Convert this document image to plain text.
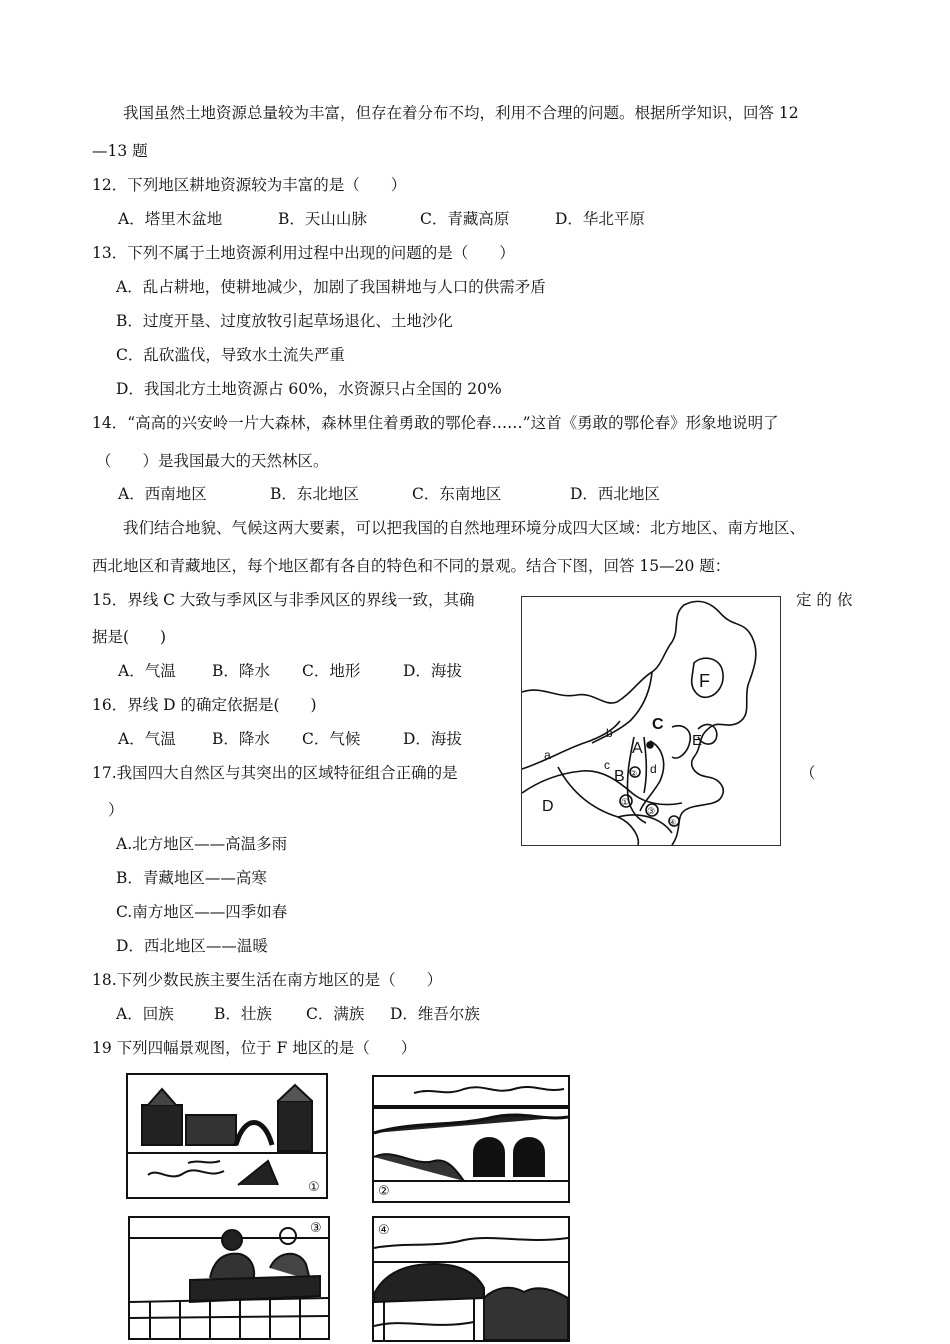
我国虽然土地资源总量较为丰富，但存在着分布不均，利用不合理的问题。根据所学知识，回答 12
—13 题
12．下列地区耕地资源较为丰富的是（　　）
A．塔里木盆地	B．天山山脉	C．青藏高原	D．华北平原
13．下列不属于土地资源利用过程中出现的问题的是（　　）
A．乱占耕地，使耕地减少，加剧了我国耕地与人口的供需矛盾
B．过度开垦、过度放牧引起草场退化、土地沙化
C．乱砍滥伐，导致水土流失严重
D．我国北方土地资源占 60%，水资源只占全国的 20%
14．“高高的兴安岭一片大森林，森林里住着勇敢的鄂伦春……”这首《勇敢的鄂伦春》形象地说明了
（　　）是我国最大的天然林区。
A．西南地区	B．东北地区	C．东南地区	D．西北地区
我们结合地貌、气候这两大要素，可以把我国的自然地理环境分成四大区域：北方地区、南方地区、
西北地区和青藏地区，每个地区都有各自的特色和不同的景观。结合下图，回答 15—20 题：
15．界线 C 大致与季风区与非季风区的界线一致，其确	定 的 依
据是(　　)
A．气温 B．降水 C．地形	D．海拔
16．界线 D 的确定依据是(　　)
A．气温 B．降水 C．气候	D．海拔
17.我国四大自然区与其突出的区域特征组合正确的是	（
）
A.北方地区——高温多雨
B．青藏地区——高寒
C.南方地区——四季如春
D．西北地区——温暖
18.下列少数民族主要生活在南方地区的是（　　）
A．回族	B．壮族 C．满族 D．维吾尔族
19 下列四幅景观图，位于 F 地区的是（　　）
F
C
E
A
B
a
b
c	d
D	①
②
③
④
①	②
③	④
